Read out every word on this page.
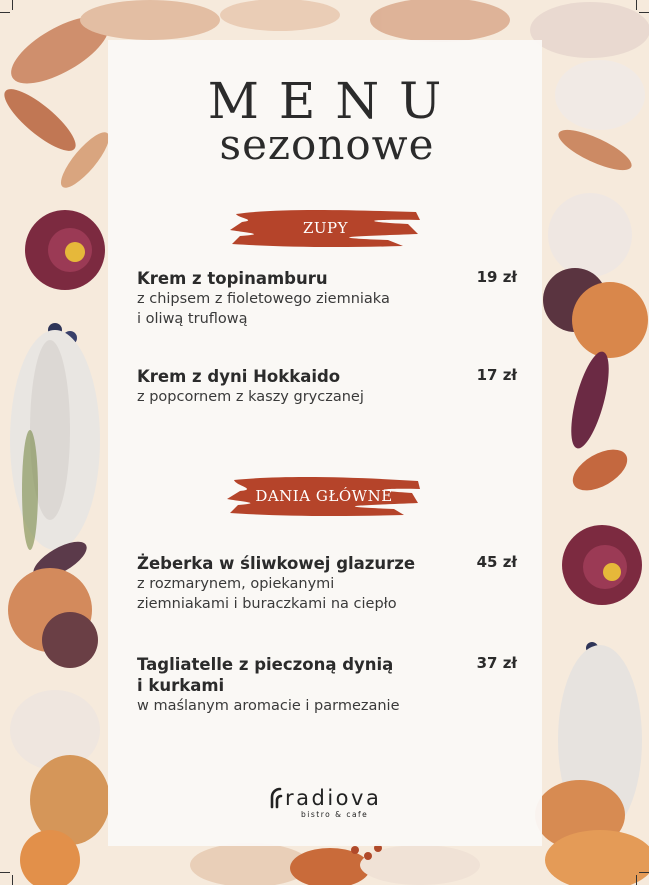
MENU
sezonowe
ZUPY
Krem z topinamburu
z chipsem z fioletowego ziemniaka
i oliwą truflową
19 zł
Krem z dyni Hokkaido
z popcornem z kaszy gryczanej
17 zł
DANIA GŁÓWNE
Żeberka w śliwkowej glazurze
z rozmarynem, opiekanymi
ziemniakami i buraczkami na ciepło
45 zł
Tagliatelle z pieczoną dynią
i kurkami
w maślanym aromacie i parmezanie
37 zł
radiova
bistro & cafe
